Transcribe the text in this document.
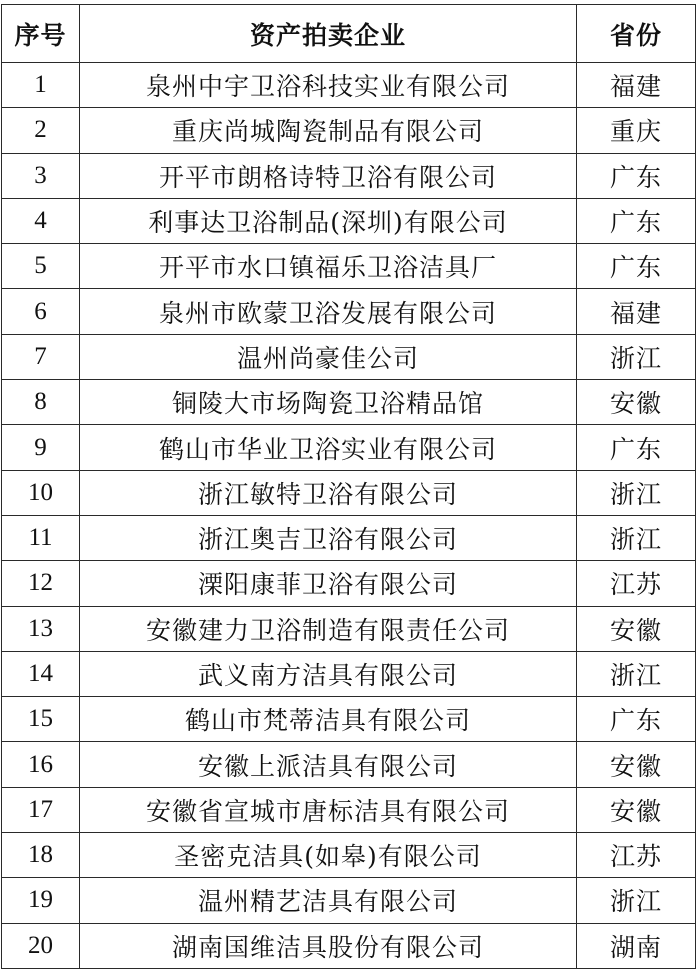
序号	资产拍卖企业	省份
1	泉州中宇卫浴科技实业有限公司	福建
2	重庆尚城陶瓷制品有限公司	重庆
3	开平市朗格诗特卫浴有限公司	广东
4	利事达卫浴制品(深圳)有限公司	广东
5	开平市水口镇福乐卫浴洁具厂	广东
6	泉州市欧蒙卫浴发展有限公司	福建
7	温州尚豪佳公司	浙江
8	铜陵大市场陶瓷卫浴精品馆	安徽
9	鹤山市华业卫浴实业有限公司	广东
10	浙江敏特卫浴有限公司	浙江
11	浙江奥吉卫浴有限公司	浙江
12	溧阳康菲卫浴有限公司	江苏
13	安徽建力卫浴制造有限责任公司	安徽
14	武义南方洁具有限公司	浙江
15	鹤山市梵蒂洁具有限公司	广东
16	安徽上派洁具有限公司	安徽
17	安徽省宣城市唐标洁具有限公司	安徽
18	圣密克洁具(如皋)有限公司	江苏
19	温州精艺洁具有限公司	浙江
20	湖南国维洁具股份有限公司	湖南
